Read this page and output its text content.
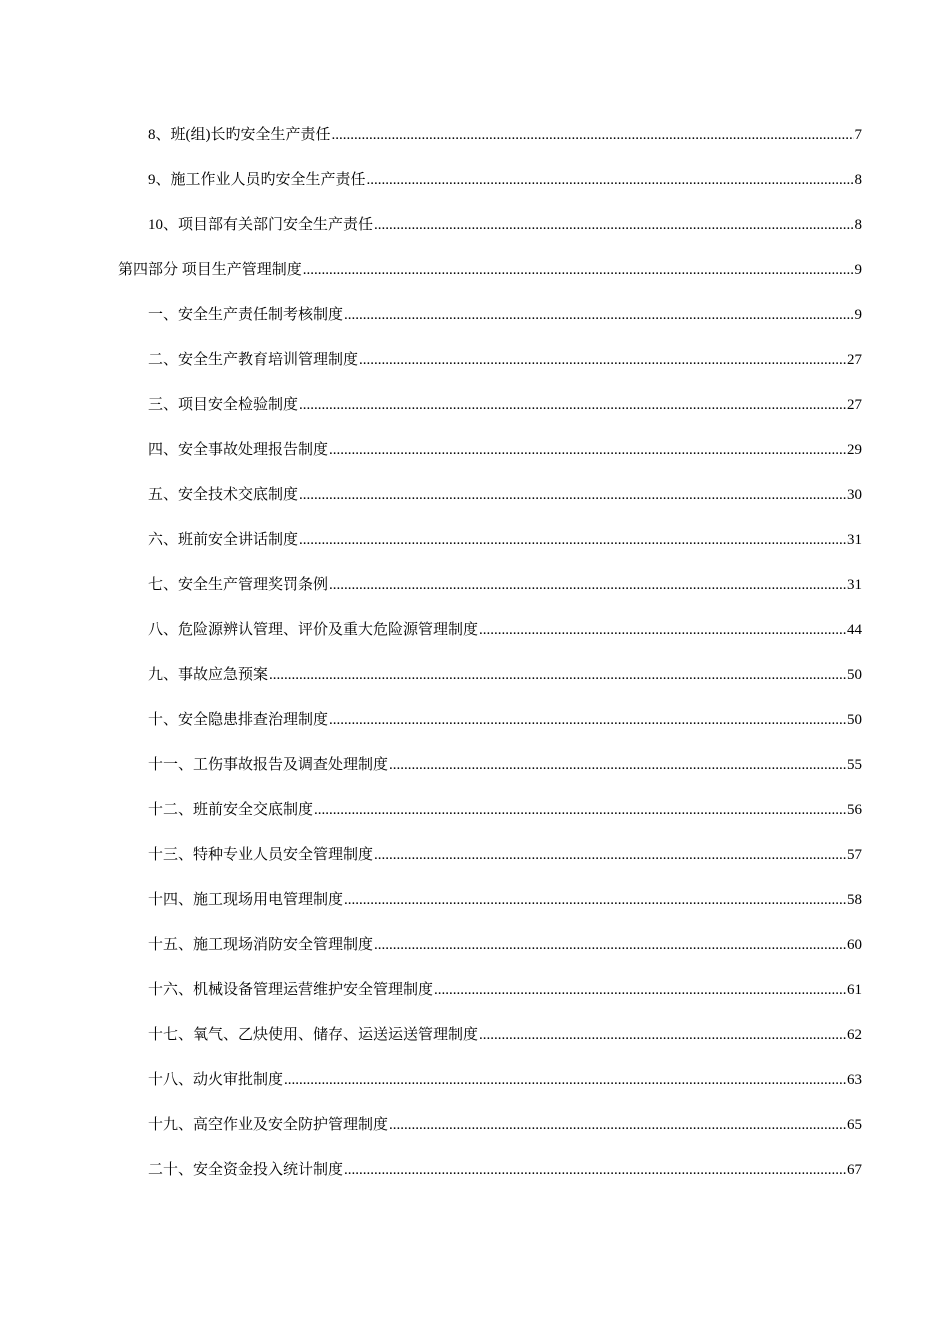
8、班(组)长旳安全生产责任 .....	7
9、施工作业人员旳安全生产责任 .....	8
10、项目部有关部门安全生产责任 .....	8
第四部分 项目生产管理制度 .....	9
一、安全生产责任制考核制度 .....	9
二、安全生产教育培训管理制度 .....	27
三、项目安全检验制度 .....	27
四、安全事故处理报告制度 .....	29
五、安全技术交底制度 .....	30
六、班前安全讲话制度 .....	31
七、安全生产管理奖罚条例 .....	31
八、危险源辨认管理、评价及重大危险源管理制度 .....	44
九、事故应急预案 .....	50
十、安全隐患排查治理制度 .....	50
十一、工伤事故报告及调查处理制度 .....	55
十二、班前安全交底制度 .....	56
十三、特种专业人员安全管理制度 .....	57
十四、施工现场用电管理制度 .....	58
十五、施工现场消防安全管理制度 .....	60
十六、机械设备管理运营维护安全管理制度 .....	61
十七、氧气、乙炔使用、储存、运送运送管理制度 .....	62
十八、动火审批制度 .....	63
十九、高空作业及安全防护管理制度 .....	65
二十、安全资金投入统计制度 .....	67
